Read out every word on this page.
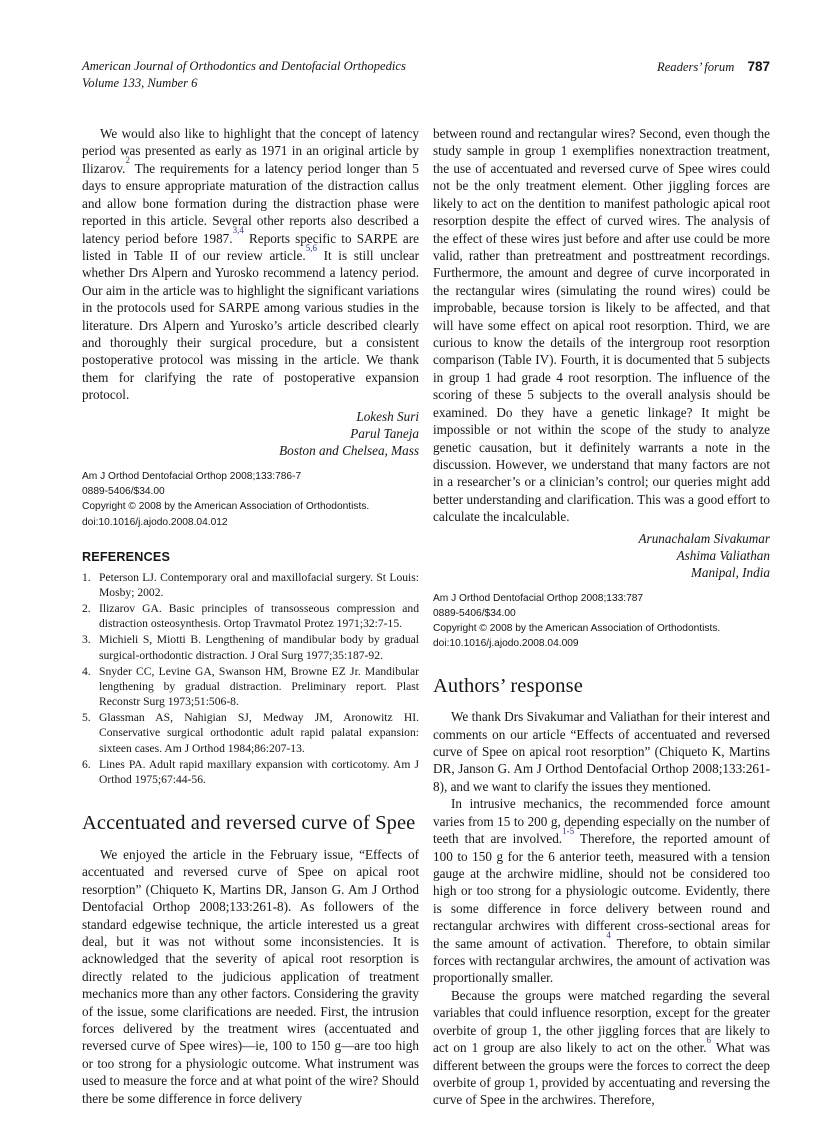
American Journal of Orthodontics and Dentofacial Orthopedics
Volume 133, Number 6
Readers’ forum 787

We would also like to highlight that the concept of latency period was presented as early as 1971 in an original article by Ilizarov.$^2$ The requirements for a latency period longer than 5 days to ensure appropriate maturation of the distraction callus and allow bone formation during the distraction phase were reported in this article. Several other reports also described a latency period before 1987.$^{3,4}$ Reports specific to SARPE are listed in Table II of our review article.$^{5,6}$ It is still unclear whether Drs Alpern and Yurosko recommend a latency period. Our aim in the article was to highlight the significant variations in the protocols used for SARPE among various studies in the literature. Drs Alpern and Yurosko’s article described clearly and thoroughly their surgical procedure, but a consistent postoperative protocol was missing in the article. We thank them for clarifying the rate of postoperative expansion protocol.

Lokesh Suri
Parul Taneja
Boston and Chelsea, Mass
Am J Orthod Dentofacial Orthop 2008;133:786-7
0889-5406/$34.00
Copyright © 2008 by the American Association of Orthodontists.
doi:10.1016/j.ajodo.2008.04.012
REFERENCES
Peterson LJ. Contemporary oral and maxillofacial surgery. St Louis: Mosby; 2002.
Ilizarov GA. Basic principles of transosseous compression and distraction osteosynthesis. Ortop Travmatol Protez 1971;32:7-15.
Michieli S, Miotti B. Lengthening of mandibular body by gradual surgical-orthodontic distraction. J Oral Surg 1977;35:187-92.
Snyder CC, Levine GA, Swanson HM, Browne EZ Jr. Mandibular lengthening by gradual distraction. Preliminary report. Plast Reconstr Surg 1973;51:506-8.
Glassman AS, Nahigian SJ, Medway JM, Aronowitz HI. Conservative surgical orthodontic adult rapid palatal expansion: sixteen cases. Am J Orthod 1984;86:207-13.
Lines PA. Adult rapid maxillary expansion with corticotomy. Am J Orthod 1975;67:44-56.
Accentuated and reversed curve of Spee

We enjoyed the article in the February issue, “Effects of accentuated and reversed curve of Spee on apical root resorption” (Chiqueto K, Martins DR, Janson G. Am J Orthod Dentofacial Orthop 2008;133:261-8). As followers of the standard edgewise technique, the article interested us a great deal, but it was not without some inconsistencies. It is acknowledged that the severity of apical root resorption is directly related to the judicious application of treatment mechanics more than any other factors. Considering the gravity of the issue, some clarifications are needed. First, the intrusion forces delivered by the treatment wires (accentuated and reversed curve of Spee wires)—ie, 100 to 150 g—are too high or too strong for a physiologic outcome. What instrument was used to measure the force and at what point of the wire? Should there be some difference in force delivery

between round and rectangular wires? Second, even though the study sample in group 1 exemplifies nonextraction treatment, the use of accentuated and reversed curve of Spee wires could not be the only treatment element. Other jiggling forces are likely to act on the dentition to manifest pathologic apical root resorption despite the effect of curved wires. The analysis of the effect of these wires just before and after use could be more valid, rather than pretreatment and posttreatment recordings. Furthermore, the amount and degree of curve incorporated in the rectangular wires (simulating the round wires) could be improbable, because torsion is likely to be affected, and that will have some effect on apical root resorption. Third, we are curious to know the details of the intergroup root resorption comparison (Table IV). Fourth, it is documented that 5 subjects in group 1 had grade 4 root resorption. The influence of the scoring of these 5 subjects to the overall analysis should be examined. Do they have a genetic linkage? It might be impossible or not within the scope of the study to analyze genetic causation, but it definitely warrants a note in the discussion. However, we understand that many factors are not in a researcher’s or a clinician’s control; our queries might add better understanding and clarification. This was a good effort to calculate the incalculable.

Arunachalam Sivakumar
Ashima Valiathan
Manipal, India
Am J Orthod Dentofacial Orthop 2008;133:787
0889-5406/$34.00
Copyright © 2008 by the American Association of Orthodontists.
doi:10.1016/j.ajodo.2008.04.009
Authors’ response

We thank Drs Sivakumar and Valiathan for their interest and comments on our article “Effects of accentuated and reversed curve of Spee on apical root resorption” (Chiqueto K, Martins DR, Janson G. Am J Orthod Dentofacial Orthop 2008;133:261-8), and we want to clarify the issues they mentioned.

In intrusive mechanics, the recommended force amount varies from 15 to 200 g, depending especially on the number of teeth that are involved.$^{1-5}$ Therefore, the reported amount of 100 to 150 g for the 6 anterior teeth, measured with a tension gauge at the archwire midline, should not be considered too high or too strong for a physiologic outcome. Evidently, there is some difference in force delivery between round and rectangular archwires with different cross-sectional areas for the same amount of activation.$^4$ Therefore, to obtain similar forces with rectangular archwires, the amount of activation was proportionally smaller.

Because the groups were matched regarding the several variables that could influence resorption, except for the greater overbite of group 1, the other jiggling forces that are likely to act on 1 group are also likely to act on the other.$^6$ What was different between the groups were the forces to correct the deep overbite of group 1, provided by accentuating and reversing the curve of Spee in the archwires. Therefore,
